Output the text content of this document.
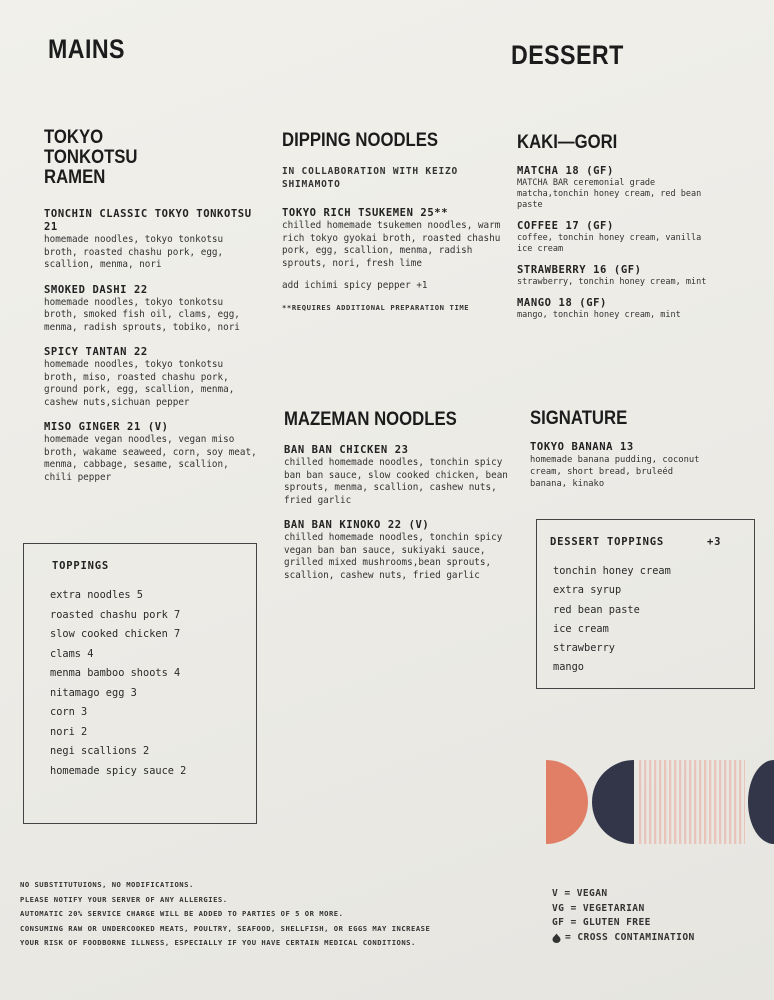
MAINS	DESSERT
TOKYO TONKOTSU RAMEN
TONCHIN CLASSIC TOKYO TONKOTSU 21
homemade noodles, tokyo tonkotsu broth, roasted chashu pork, egg, scallion, menma, nori
SMOKED DASHI 22
homemade noodles, tokyo tonkotsu broth, smoked fish oil, clams, egg, menma, radish sprouts, tobiko, nori
SPICY TANTAN 22
homemade noodles, tokyo tonkotsu broth, miso, roasted chashu pork, ground pork, egg, scallion, menma, cashew nuts,sichuan pepper
MISO GINGER 21 (V)
homemade vegan noodles, vegan miso broth, wakame seaweed, corn, soy meat, menma, cabbage, sesame, scallion, chili pepper
DIPPING NOODLES
IN COLLABORATION WITH KEIZO SHIMAMOTO
TOKYO RICH TSUKEMEN 25**
chilled homemade tsukemen noodles, warm rich tokyo gyokai broth, roasted chashu pork, egg, scallion, menma, radish sprouts, nori, fresh lime
add ichimi spicy pepper +1
**REQUIRES ADDITIONAL PREPARATION TIME
MAZEMAN NOODLES
BAN BAN CHICKEN 23
chilled homemade noodles, tonchin spicy ban ban sauce, slow cooked chicken, bean sprouts, menma, scallion, cashew nuts, fried garlic
BAN BAN KINOKO 22 (V)
chilled homemade noodles, tonchin spicy vegan ban ban sauce, sukiyaki sauce, grilled mixed mushrooms,bean sprouts, scallion, cashew nuts, fried garlic
KAKI—GORI
MATCHA 18 (GF)
MATCHA BAR ceremonial grade matcha,tonchin honey cream, red bean paste
COFFEE 17 (GF)
coffee, tonchin honey cream, vanilla ice cream
STRAWBERRY 16 (GF)
strawberry, tonchin honey cream, mint
MANGO 18 (GF)
mango, tonchin honey cream, mint
SIGNATURE
TOKYO BANANA 13
homemade banana pudding, coconut cream, short bread, bruleéd banana, kinako
TOPPINGS
extra noodles 5
roasted chashu pork 7
slow cooked chicken 7
clams 4
menma bamboo shoots 4
nitamago egg 3
corn 3
nori 2
negi scallions 2
homemade spicy sauce 2
DESSERT TOPPINGS	+3
tonchin honey cream
extra syrup
red bean paste
ice cream
strawberry
mango
NO SUBSTITUTUIONS, NO MODIFICATIONS.
PLEASE NOTIFY YOUR SERVER OF ANY ALLERGIES.
AUTOMATIC 20% SERVICE CHARGE WILL BE ADDED TO PARTIES OF 5 OR MORE.
CONSUMING RAW OR UNDERCOOKED MEATS, POULTRY, SEAFOOD, SHELLFISH, OR EGGS MAY INCREASE
YOUR RISK OF FOODBORNE ILLNESS, ESPECIALLY IF YOU HAVE CERTAIN MEDICAL CONDITIONS.
V = VEGAN
VG = VEGETARIAN
GF = GLUTEN FREE
= CROSS CONTAMINATION
